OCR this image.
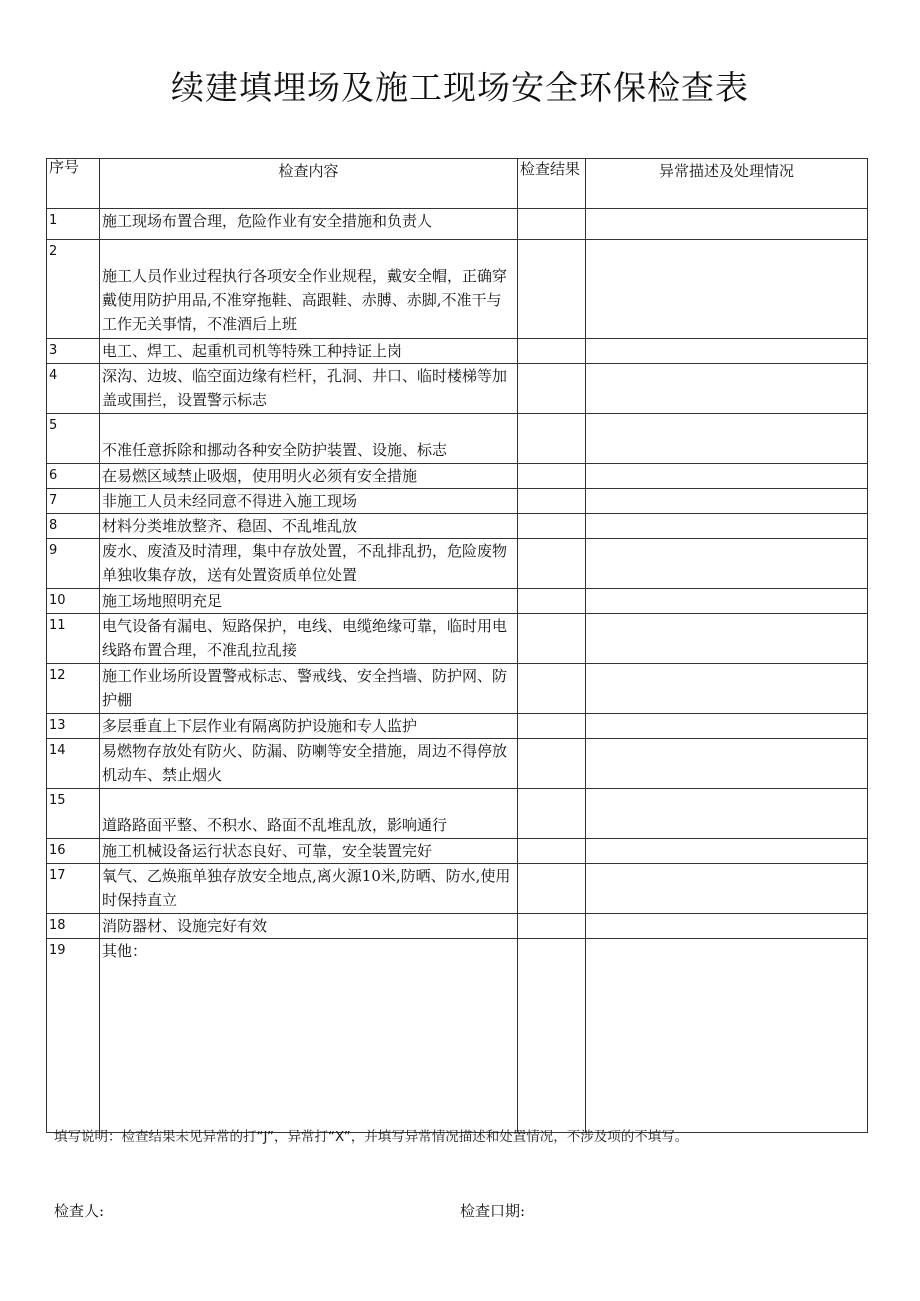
续建填埋场及施工现场安全环保检查表
序号	检查内容	检查结果	异常描述及处理情况
1	施工现场布置合理，危险作业有安全措施和负责人		
2	施工人员作业过程执行各项安全作业规程，戴安全帽，正确穿戴使用防护用品,不准穿拖鞋、高跟鞋、赤膊、赤脚,不准干与工作无关事情，不准酒后上班		
3	电工、焊工、起重机司机等特殊工种持证上岗		
4	深沟、边坡、临空面边缘有栏杆，孔洞、井口、临时楼梯等加盖或围拦，设置警示标志		
5	不准任意拆除和挪动各种安全防护装置、设施、标志		
6	在易燃区域禁止吸烟，使用明火必须有安全措施		
7	非施工人员未经同意不得进入施工现场		
8	材料分类堆放整齐、稳固、不乱堆乱放		
9	废水、废渣及时清理，集中存放处置，不乱排乱扔，危险废物单独收集存放，送有处置资质单位处置		
10	施工场地照明充足		
11	电气设备有漏电、短路保护，电线、电缆绝缘可靠，临时用电线路布置合理，不准乱拉乱接		
12	施工作业场所设置警戒标志、警戒线、安全挡墙、防护网、防护棚		
13	多层垂直上下层作业有隔离防护设施和专人监护		
14	易燃物存放处有防火、防漏、防喇等安全措施，周边不得停放机动车、禁止烟火		
15	道路路面平整、不积水、路面不乱堆乱放，影响通行		
16	施工机械设备运行状态良好、可靠，安全装置完好		
17	氧气、乙焕瓶单独存放安全地点,离火源10米,防晒、防水,使用时保持直立		
18	消防器材、设施完好有效		
19	其他：		
填写说明：检查结果未见异常的打“J”，异常打“X”，并填写异常情况描述和处置情况，不涉及项的不填写。
检查人:	检查口期:
